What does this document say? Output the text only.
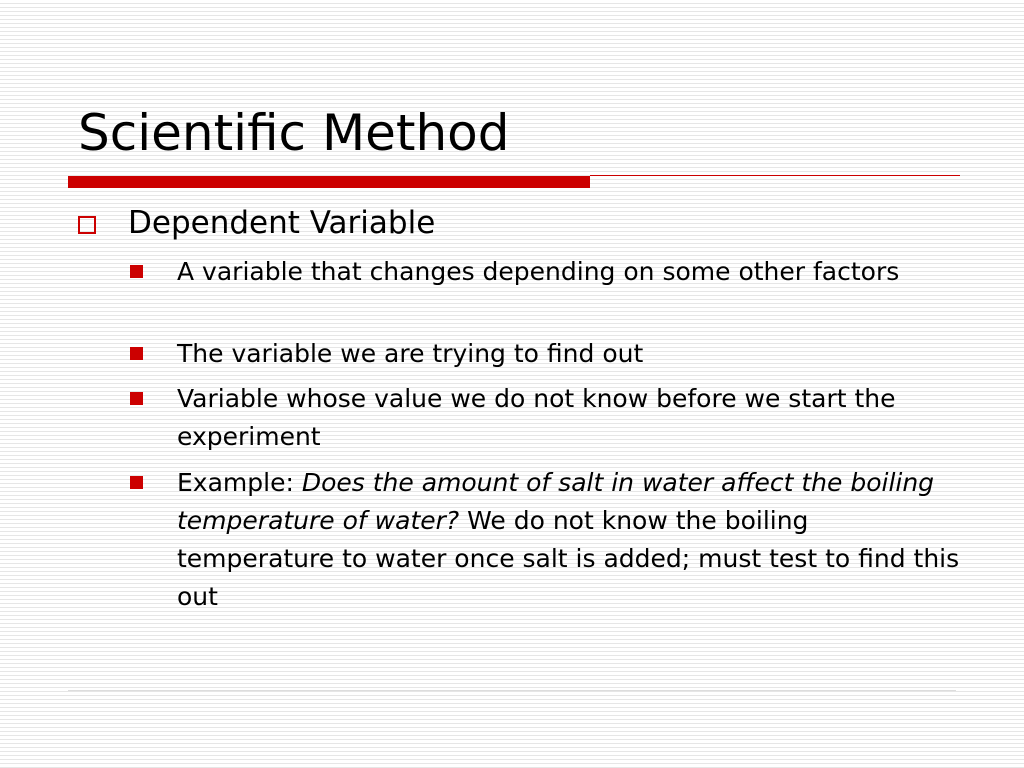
Scientific Method
Dependent Variable
A variable that changes depending on some other factors
The variable we are trying to find out
Variable whose value we do not know before we start the experiment
Example: Does the amount of salt in water affect the boiling temperature of water? We do not know the boiling temperature to water once salt is added; must test to find this out
